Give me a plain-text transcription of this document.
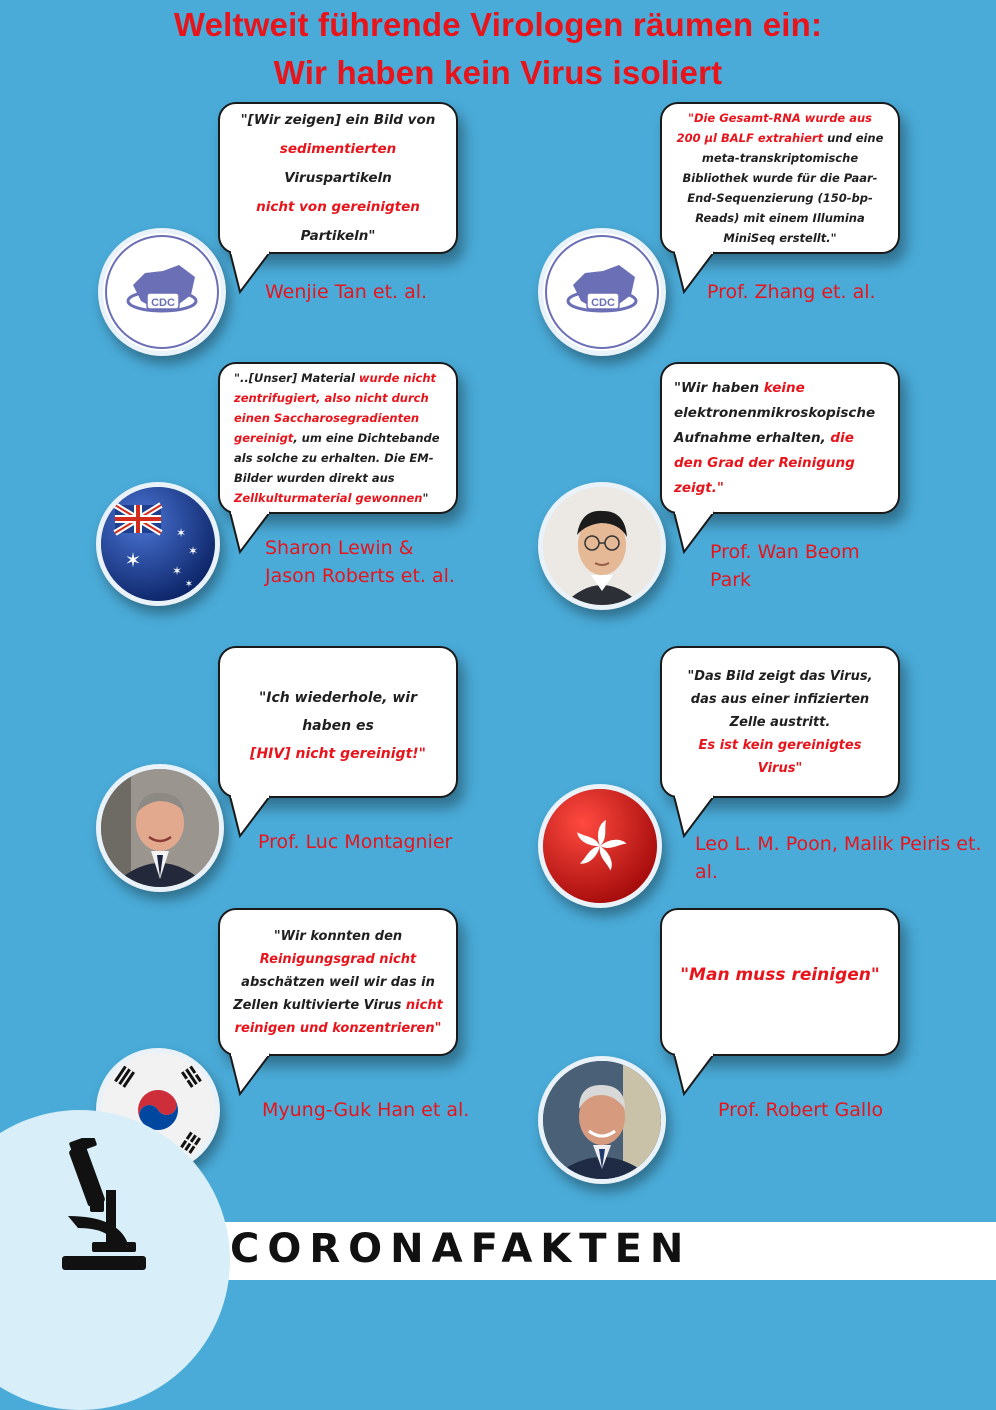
Weltweit führende Virologen räumen ein:
Wir haben kein Virus isoliert

"[Wir zeigen] ein Bild von
sedimentierten Viruspartikeln
nicht von gereinigten Partikeln"

CDC	Wenjie Tan et. al.

"Die Gesamt-RNA wurde aus 200 µl BALF extrahiert und eine meta-transkriptomische Bibliothek wurde für die Paar-End-Sequenzierung (150-bp-Reads) mit einem Illumina MiniSeq erstellt."

CDC	Prof. Zhang et. al.

"..[Unser] Material wurde nicht zentrifugiert, also nicht durch einen Saccharosegradienten gereinigt, um eine Dichtebande als solche zu erhalten. Die EM-Bilder wurden direkt aus Zellkulturmaterial gewonnen"

✶
✶
✶
✶
✶
Sharon Lewin &
Jason Roberts et. al.

"Wir haben keine elektronenmikroskopische Aufnahme erhalten, die den Grad der Reinigung zeigt."

Prof. Wan Beom
Park

"Ich wiederhole, wir haben es
[HIV] nicht gereinigt!"

Prof. Luc Montagnier

"Das Bild zeigt das Virus, das aus einer infizierten Zelle austritt.
Es ist kein gereinigtes Virus"

Leo L. M. Poon, Malik Peiris et. al.

"Wir konnten den
Reinigungsgrad nicht
abschätzen weil wir das in Zellen kultivierte Virus nicht reinigen und konzentrieren"

Myung-Guk Han et al.

"Man muss reinigen"

Prof. Robert Gallo
CORONAFAKTEN
